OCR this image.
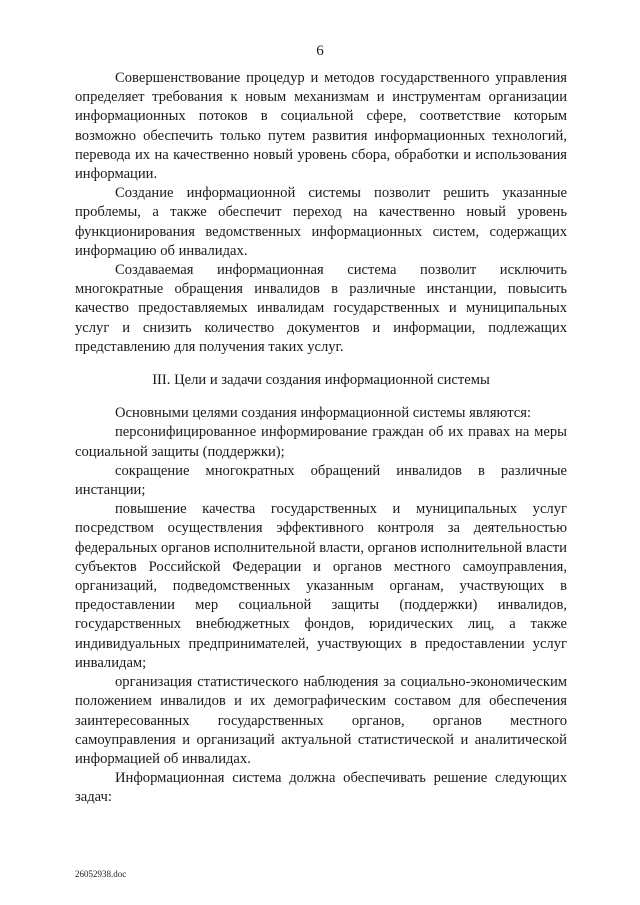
6

Совершенствование процедур и методов государственного управления определяет требования к новым механизмам и инструментам организации информационных потоков в социальной сфере, соответствие которым возможно обеспечить только путем развития информационных технологий, перевода их на качественно новый уровень сбора, обработки и использования информации.

Создание информационной системы позволит решить указанные проблемы, а также обеспечит переход на качественно новый уровень функционирования ведомственных информационных систем, содержащих информацию об инвалидах.

Создаваемая информационная система позволит исключить многократные обращения инвалидов в различные инстанции, повысить качество предоставляемых инвалидам государственных и муниципальных услуг и снизить количество документов и информации, подлежащих представлению для получения таких услуг.

III. Цели и задачи создания информационной системы

Основными целями создания информационной системы являются:

персонифицированное информирование граждан об их правах на меры социальной защиты (поддержки);

сокращение многократных обращений инвалидов в различные инстанции;

повышение качества государственных и муниципальных услуг посредством осуществления эффективного контроля за деятельностью федеральных органов исполнительной власти, органов исполнительной власти субъектов Российской Федерации и органов местного самоуправления, организаций, подведомственных указанным органам, участвующих в предоставлении мер социальной защиты (поддержки) инвалидов, государственных внебюджетных фондов, юридических лиц, а также индивидуальных предпринимателей, участвующих в предоставлении услуг инвалидам;

организация статистического наблюдения за социально-экономическим положением инвалидов и их демографическим составом для обеспечения заинтересованных государственных органов, органов местного самоуправления и организаций актуальной статистической и аналитической информацией об инвалидах.

Информационная система должна обеспечивать решение следующих задач:

26052938.doc
